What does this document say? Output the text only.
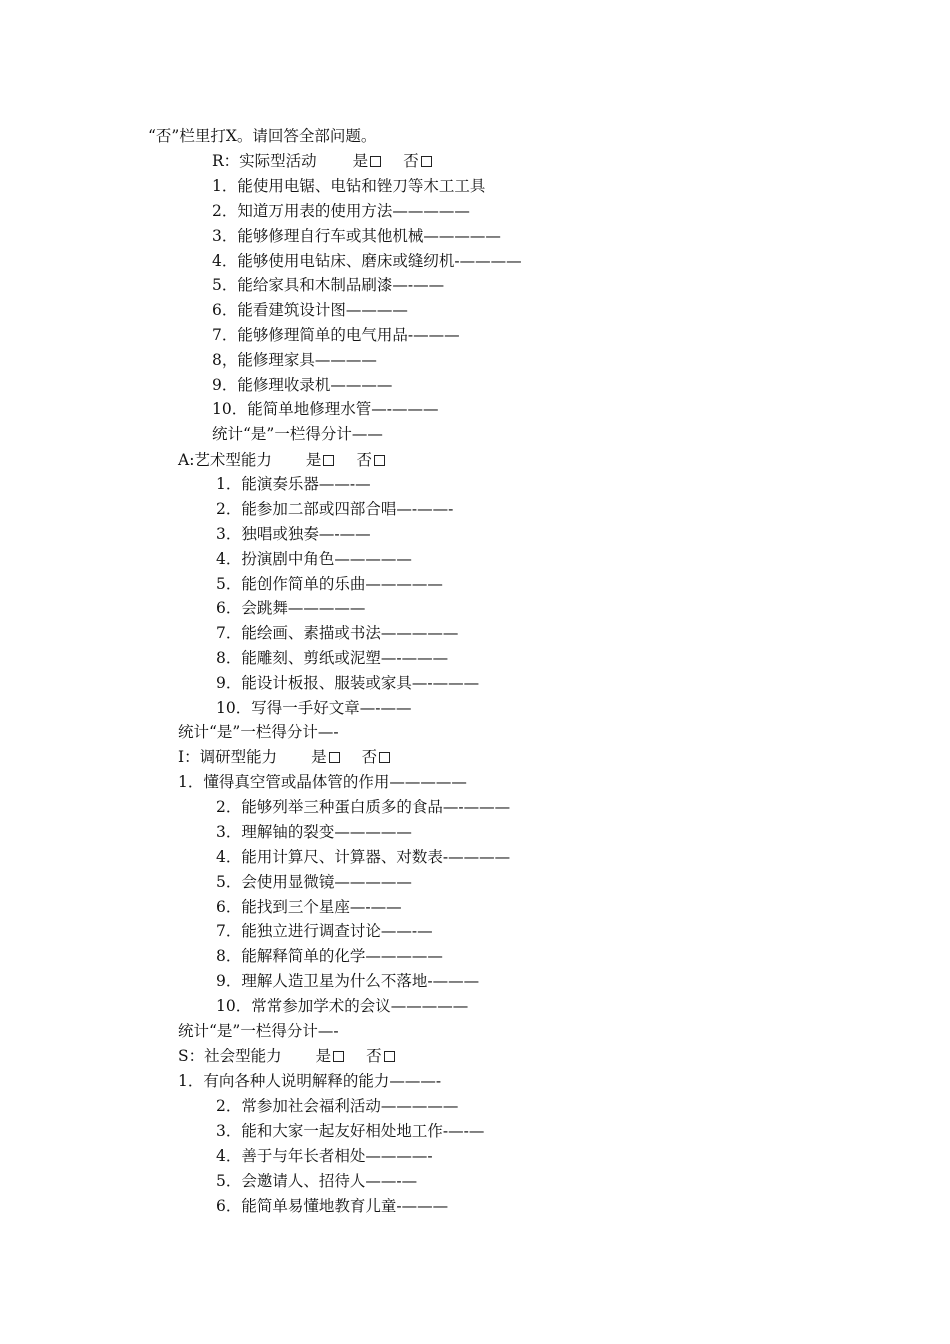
“否”栏里打X。请回答全部问题。
R：实际型活动 是 否
1．能使用电锯、电钻和锉刀等木工工具
2．知道万用表的使用方法—————
3．能够修理自行车或其他机械—————
4．能够使用电钻床、磨床或缝纫机-————
5．能给家具和木制品刷漆—-——
6．能看建筑设计图————
7．能够修理简单的电气用品-———
8，能修理家具————
9．能修理收录机————
10．能简单地修理水管—-———
统计“是”一栏得分计——
A:艺术型能力 是 否
1．能演奏乐器——-—
2．能参加二部或四部合唱—-——-
3．独唱或独奏—-——
4．扮演剧中角色—————
5．能创作简单的乐曲—————
6．会跳舞—————
7．能绘画、素描或书法—————
8．能雕刻、剪纸或泥塑—-———
9．能设计板报、服装或家具—-———
10．写得一手好文章—-——
统计“是”一栏得分计—-
I：调研型能力 是 否
1．懂得真空管或晶体管的作用—————
2．能够列举三种蛋白质多的食品—-———
3．理解铀的裂变—————
4．能用计算尺、计算器、对数表-————
5．会使用显微镜—————
6．能找到三个星座—-——
7．能独立进行调查讨论——-—
8．能解释简单的化学—————
9．理解人造卫星为什么不落地-———
10．常常参加学术的会议—————
统计“是”一栏得分计—-
S：社会型能力 是 否
1．有向各种人说明解释的能力———-
2．常参加社会福利活动—————
3．能和大家一起友好相处地工作-—-—
4．善于与年长者相处————-
5．会邀请人、招待人——-—
6．能简单易懂地教育儿童-———
